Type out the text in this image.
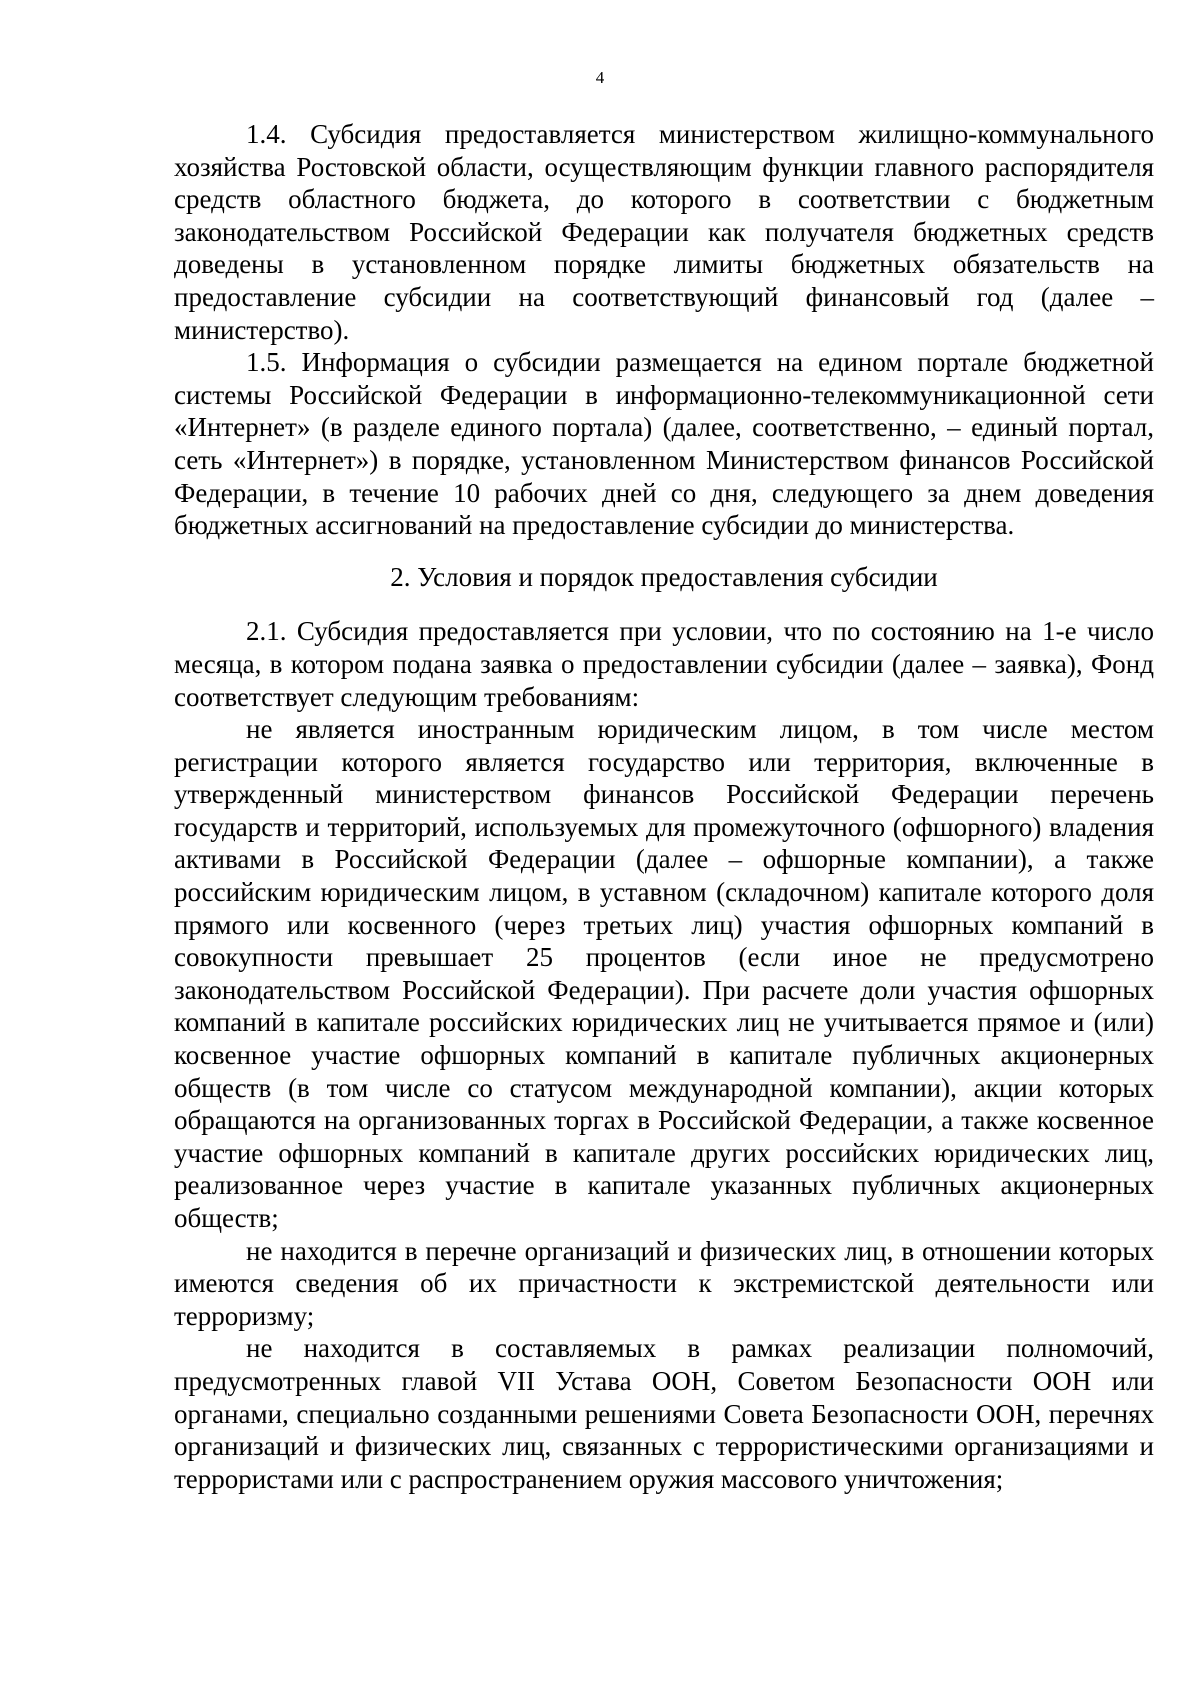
4

1.4. Субсидия предоставляется министерством жилищно-коммунального хозяйства Ростовской области, осуществляющим функции главного распорядителя средств областного бюджета, до которого в соответствии с бюджетным законодательством Российской Федерации как получателя бюджетных средств доведены в установленном порядке лимиты бюджетных обязательств на предоставление субсидии на соответствующий финансовый год (далее – министерство).

1.5. Информация о субсидии размещается на едином портале бюджетной системы Российской Федерации в информационно-телекоммуникационной сети «Интернет» (в разделе единого портала) (далее, соответственно, – единый портал, сеть «Интернет») в порядке, установленном Министерством финансов Российской Федерации, в течение 10 рабочих дней со дня, следующего за днем доведения бюджетных ассигнований на предоставление субсидии до министерства.

2. Условия и порядок предоставления субсидии

2.1. Субсидия предоставляется при условии, что по состоянию на 1-е число месяца, в котором подана заявка о предоставлении субсидии (далее – заявка), Фонд соответствует следующим требованиям:

не является иностранным юридическим лицом, в том числе местом регистрации которого является государство или территория, включенные в утвержденный министерством финансов Российской Федерации перечень государств и территорий, используемых для промежуточного (офшорного) владения активами в Российской Федерации (далее – офшорные компании), а также российским юридическим лицом, в уставном (складочном) капитале которого доля прямого или косвенного (через третьих лиц) участия офшорных компаний в совокупности превышает 25 процентов (если иное не предусмотрено законодательством Российской Федерации). При расчете доли участия офшорных компаний в капитале российских юридических лиц не учитывается прямое и (или) косвенное участие офшорных компаний в капитале публичных акционерных обществ (в том числе со статусом международной компании), акции которых обращаются на организованных торгах в Российской Федерации, а также косвенное участие офшорных компаний в капитале других российских юридических лиц, реализованное через участие в капитале указанных публичных акционерных обществ;

не находится в перечне организаций и физических лиц, в отношении которых имеются сведения об их причастности к экстремистской деятельности или терроризму;

не находится в составляемых в рамках реализации полномочий, предусмотренных главой VII Устава ООН, Советом Безопасности ООН или органами, специально созданными решениями Совета Безопасности ООН, перечнях организаций и физических лиц, связанных с террористическими организациями и террористами или с распространением оружия массового уничтожения;
